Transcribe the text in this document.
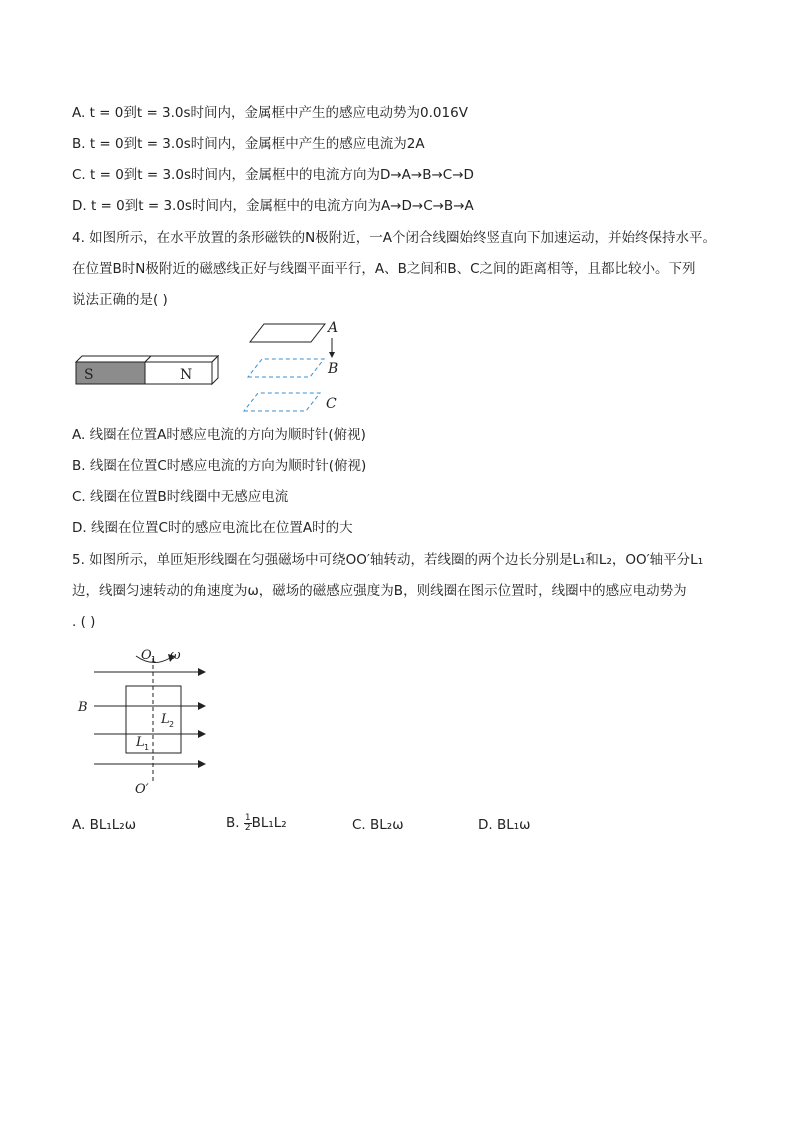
A. t = 0到t = 3.0s时间内，金属框中产生的感应电动势为0.016V
B. t = 0到t = 3.0s时间内，金属框中产生的感应电流为2A
C. t = 0到t = 3.0s时间内，金属框中的电流方向为D→A→B→C→D
D. t = 0到t = 3.0s时间内，金属框中的电流方向为A→D→C→B→A
4. 如图所示，在水平放置的条形磁铁的N极附近，一A个闭合线圈始终竖直向下加速运动，并始终保持水平。
在位置B时N极附近的磁感线正好与线圈平面平行，A、B之间和B、C之间的距离相等，且都比较小。下列
说法正确的是( )
S	N
A
B
C
A. 线圈在位置A时感应电流的方向为顺时针(俯视)
B. 线圈在位置C时感应电流的方向为顺时针(俯视)
C. 线圈在位置B时线圈中无感应电流
D. 线圈在位置C时的感应电流比在位置A时的大
5. 如图所示，单匝矩形线圈在匀强磁场中可绕OO′轴转动，若线圈的两个边长分别是L₁和L₂，OO′轴平分L₁
边，线圈匀速转动的角速度为ω，磁场的磁感应强度为B，则线圈在图示位置时，线圈中的感应电动势为
. ( )
O 1 ω
B
L 2
L 1
O′
A. BL₁L₂ω	B. $\frac{1}{2} BL_1L_2$	C. BL₂ω	D. BL₁ω
